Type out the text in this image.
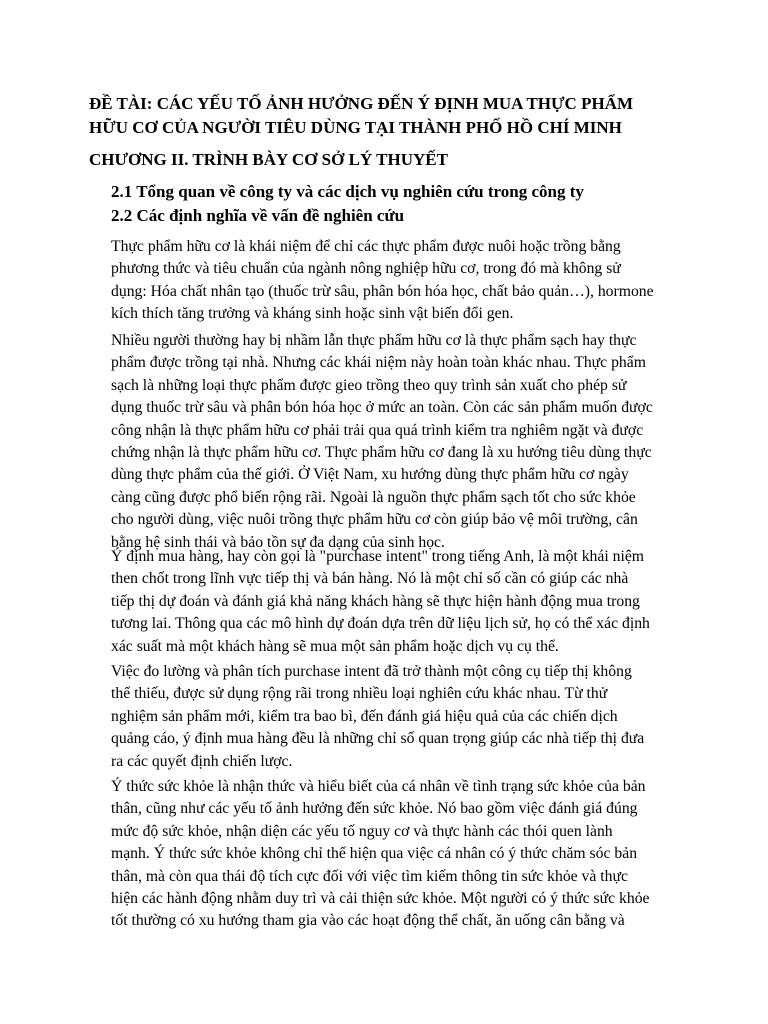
ĐỀ TÀI: CÁC YẾU TỐ ẢNH HƯỞNG ĐẾN Ý ĐỊNH MUA THỰC PHẨM
HỮU CƠ CỦA NGƯỜI TIÊU DÙNG TẠI THÀNH PHỐ HỒ CHÍ MINH
CHƯƠNG II. TRÌNH BÀY CƠ SỞ LÝ THUYẾT
2.1 Tổng quan về công ty và các dịch vụ nghiên cứu trong công ty
2.2 Các định nghĩa về vấn đề nghiên cứu

Thực phẩm hữu cơ là khái niệm để chỉ các thực phẩm được nuôi hoặc trồng bằng
phương thức và tiêu chuẩn của ngành nông nghiệp hữu cơ, trong đó mà không sử
dụng: Hóa chất nhân tạo (thuốc trừ sâu, phân bón hóa học, chất bảo quản…), hormone
kích thích tăng trưởng và kháng sinh hoặc sinh vật biến đổi gen.

Nhiều người thường hay bị nhầm lẫn thực phẩm hữu cơ là thực phẩm sạch hay thực
phẩm được trồng tại nhà. Nhưng các khái niệm này hoàn toàn khác nhau. Thực phẩm
sạch là những loại thực phẩm được gieo trồng theo quy trình sản xuất cho phép sử
dụng thuốc trừ sâu và phân bón hóa học ở mức an toàn. Còn các sản phẩm muốn được
công nhận là thực phẩm hữu cơ phải trải qua quá trình kiểm tra nghiêm ngặt và được
chứng nhận là thực phẩm hữu cơ. Thực phẩm hữu cơ đang là xu hướng tiêu dùng thực
dùng thực phẩm của thế giới. Ở Việt Nam, xu hướng dùng thực phẩm hữu cơ ngày
càng cũng được phổ biến rộng rãi. Ngoài là nguồn thực phẩm sạch tốt cho sức khỏe
cho người dùng, việc nuôi trồng thực phẩm hữu cơ còn giúp bảo vệ môi trường, cân
bằng hệ sinh thái và bảo tồn sự đa dạng của sinh học.

Ý định mua hàng, hay còn gọi là "purchase intent" trong tiếng Anh, là một khái niệm
then chốt trong lĩnh vực tiếp thị và bán hàng. Nó là một chỉ số cần có giúp các nhà
tiếp thị dự đoán và đánh giá khả năng khách hàng sẽ thực hiện hành động mua trong
tương lai. Thông qua các mô hình dự đoán dựa trên dữ liệu lịch sử, họ có thể xác định
xác suất mà một khách hàng sẽ mua một sản phẩm hoặc dịch vụ cụ thể.

Việc đo lường và phân tích purchase intent đã trở thành một công cụ tiếp thị không
thể thiếu, được sử dụng rộng rãi trong nhiều loại nghiên cứu khác nhau. Từ thử
nghiệm sản phẩm mới, kiểm tra bao bì, đến đánh giá hiệu quả của các chiến dịch
quảng cáo, ý định mua hàng đều là những chỉ số quan trọng giúp các nhà tiếp thị đưa
ra các quyết định chiến lược.

Ý thức sức khỏe là nhận thức và hiểu biết của cá nhân về tình trạng sức khỏe của bản
thân, cũng như các yếu tố ảnh hưởng đến sức khỏe. Nó bao gồm việc đánh giá đúng
mức độ sức khỏe, nhận diện các yếu tố nguy cơ và thực hành các thói quen lành
mạnh. Ý thức sức khỏe không chỉ thể hiện qua việc cá nhân có ý thức chăm sóc bản
thân, mà còn qua thái độ tích cực đối với việc tìm kiếm thông tin sức khỏe và thực
hiện các hành động nhằm duy trì và cải thiện sức khỏe. Một người có ý thức sức khỏe
tốt thường có xu hướng tham gia vào các hoạt động thể chất, ăn uống cân bằng và
